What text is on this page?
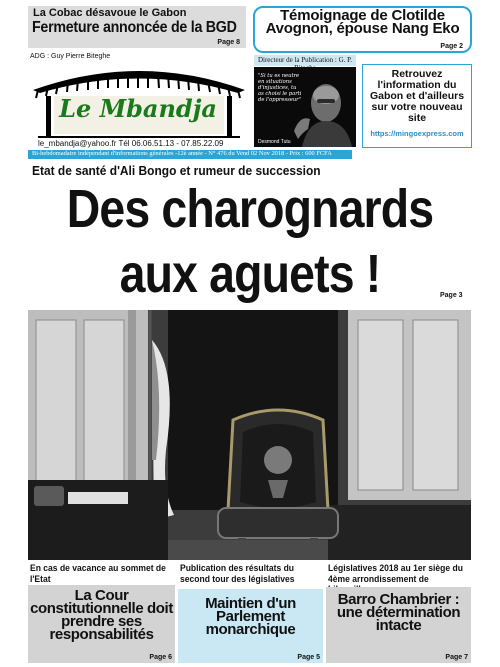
La Cobac désavoue le Gabon
Fermeture annoncée de la BGD
Page 8
Témoignage de Clotilde Avognon, épouse Nang Eko
Page 2
ADG : Guy Pierre Biteghe	Directeur de la Publication : G. P.
Le Mbandja
le_mbandja@yahoo.fr Tél 06.06.51.13 - 07.85.22.09
"Si tu es neutre en situations d'injustices, tu as choisi le parti de l'oppresseur"
Desmond Tutu
Retrouvez l'information du Gabon et d'ailleurs sur votre nouveau site
https://mingoexpress.com
Bi-hebdomadaire indépendant d'informations générales -12è année - N° 476 du Vend 02 Nov 2018 - Prix : 600 FCFA
Etat de santé d'Ali Bongo et rumeur de succession
Des charognards
aux aguets !	Page 3
En cas de vacance au sommet de l'Etat
La Cour constitutionnelle doit prendre ses responsabilités
Page 6
Publication des résultats du second tour des législatives
Maintien d'un Parlement monarchique
Page 5
Législatives 2018 au 1er siège du 4ème arrondissement de
Barro Chambrier : une détermination intacte
Page 7
